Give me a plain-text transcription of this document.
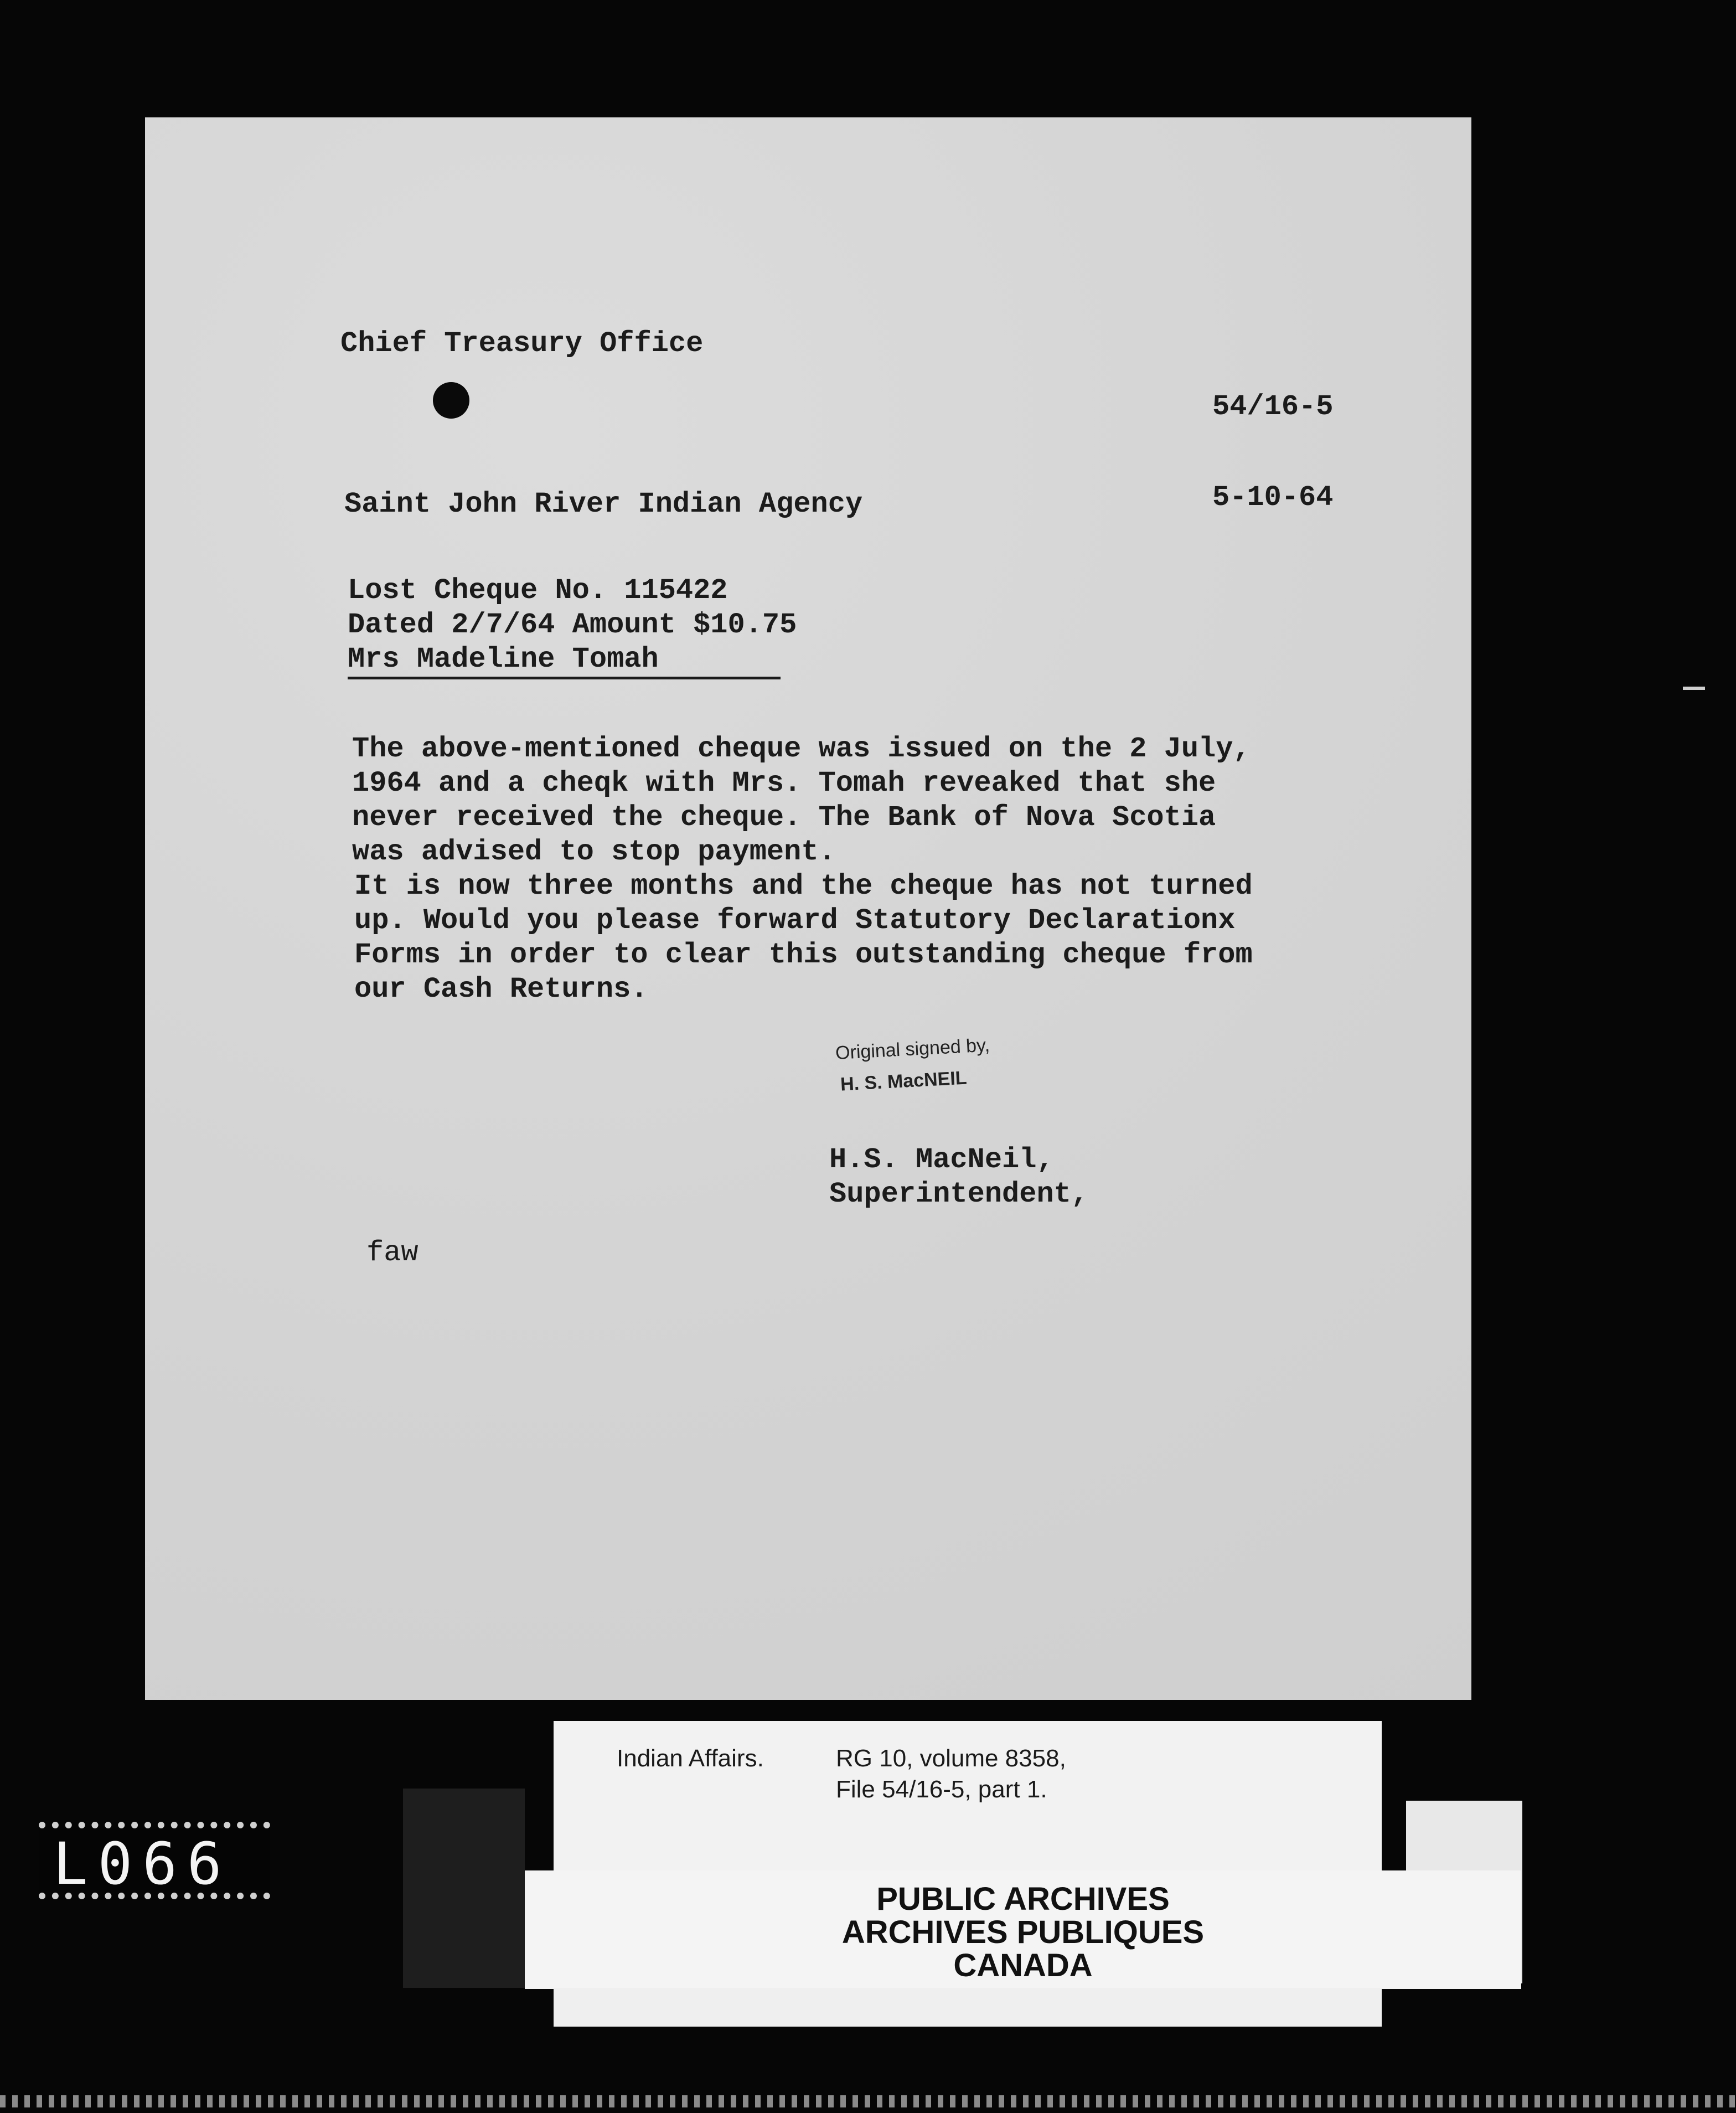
Chief Treasury Office
54/16-5
Saint John River Indian Agency	5-10-64
Lost Cheque No. 115422
Dated 2/7/64 Amount $10.75
Mrs Madeline Tomah
The above-mentioned cheque was issued on the 2 July,
1964 and a cheqk with Mrs. Tomah reveaked that she
never received the cheque. The Bank of Nova Scotia
was advised to stop payment.
It is now three months and the cheque has not turned
up. Would you please forward Statutory Declarationx
Forms in order to clear this outstanding cheque from
our Cash Returns.
Original signed by,
H. S. MacNEIL
H.S. MacNeil,
Superintendent,
faw
Indian Affairs.	RG 10, volume 8358,
File 54/16-5, part 1.
PUBLIC ARCHIVES
ARCHIVES PUBLIQUES
CANADA
L066
